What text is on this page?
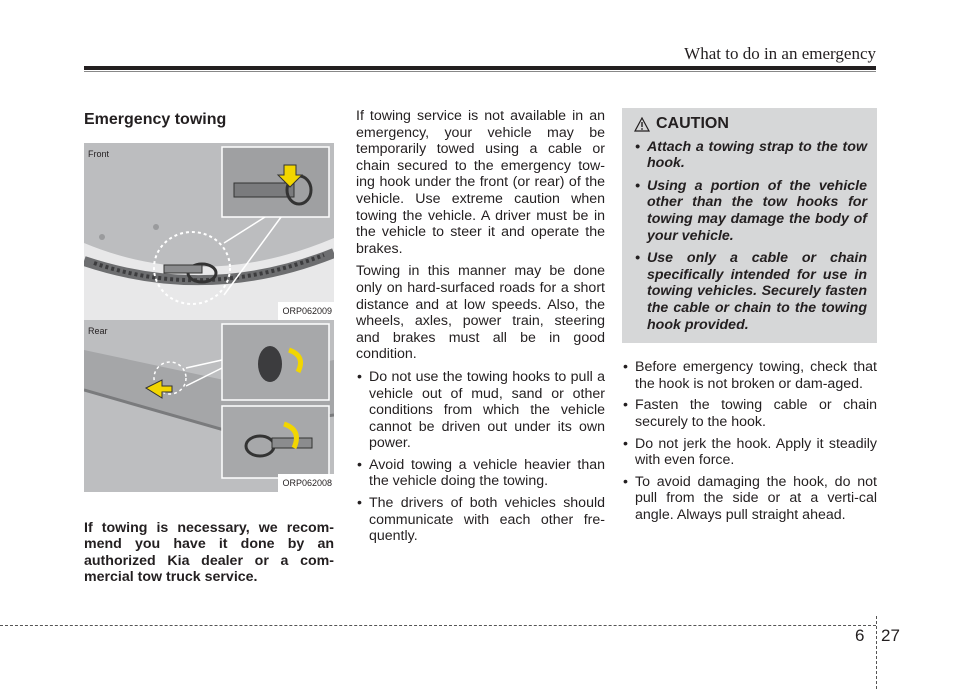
What to do in an emergency
Emergency towing
Front
ORP062009
Rear
ORP062008

If towing is necessary, we recom-mend you have it done by an authorized Kia dealer or a com-mercial tow truck service.

If towing service is not available in an emergency, your vehicle may be temporarily towed using a cable or chain secured to the emergency tow-ing hook under the front (or rear) of the vehicle. Use extreme caution when towing the vehicle. A driver must be in the vehicle to steer it and operate the brakes.

Towing in this manner may be done only on hard-surfaced roads for a short distance and at low speeds. Also, the wheels, axles, power train, steering and brakes must all be in good condition.

• Do not use the towing hooks to pull a vehicle out of mud, sand or other conditions from which the vehicle cannot be driven out under its own power.
• Avoid towing a vehicle heavier than the vehicle doing the towing.
• The drivers of both vehicles should communicate with each other fre-quently.
CAUTION
• Attach a towing strap to the tow hook.
• Using a portion of the vehicle other than the tow hooks for towing may damage the body of your vehicle.
• Use only a cable or chain specifically intended for use in towing vehicles. Securely fasten the cable or chain to the towing hook provided.
• Before emergency towing, check that the hook is not broken or dam-aged.
• Fasten the towing cable or chain securely to the hook.
• Do not jerk the hook. Apply it steadily with even force.
• To avoid damaging the hook, do not pull from the side or at a verti-cal angle. Always pull straight ahead.
6 27
